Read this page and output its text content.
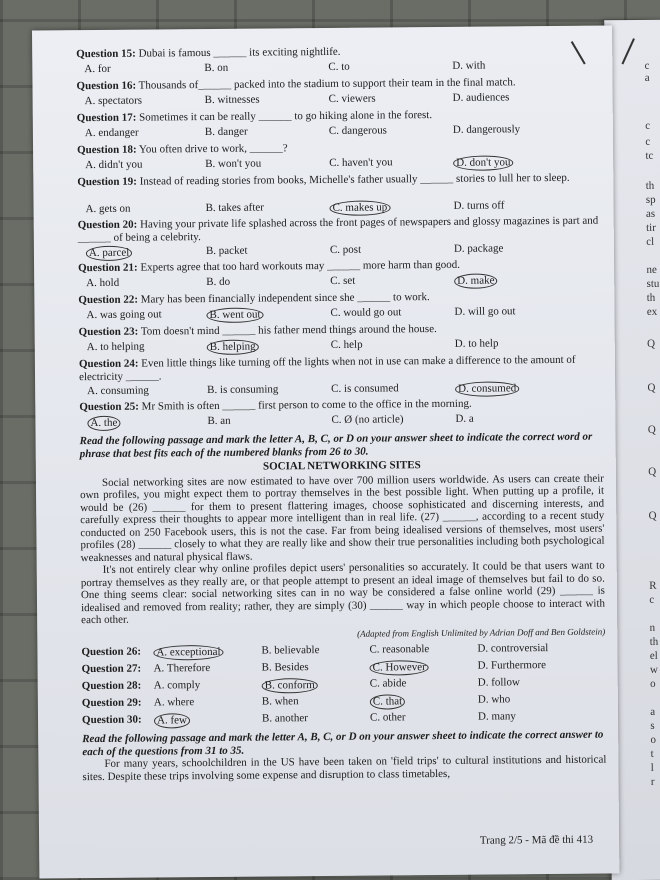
c
a
c
c
tc
th
sp
as
tir
cl
ne
stu
th
ex
Q
Q
Q
Q
Q
R
c
n
th
el
w
o
a
s
o
t
l
r
Question 15: Dubai is famous ______ its exciting nightlife.
A. for	B. on	C. to	D. with
Question 16: Thousands of______ packed into the stadium to support their team in the final match.
A. spectators	B. witnesses	C. viewers	D. audiences
Question 17: Sometimes it can be really ______ to go hiking alone in the forest.
A. endanger	B. danger	C. dangerous	D. dangerously
Question 18: You often drive to work, ______?
A. didn't you	B. won't you	C. haven't you	D. don't you
Question 19: Instead of reading stories from books, Michelle's father usually ______ stories to lull her to sleep.
A. gets on	B. takes after	C. makes up	D. turns off
Question 20: Having your private life splashed across the front pages of newspapers and glossy magazines is part and ______ of being a celebrity.
A. parcel	B. packet	C. post	D. package
Question 21: Experts agree that too hard workouts may ______ more harm than good.
A. hold	B. do	C. set	D. make
Question 22: Mary has been financially independent since she ______ to work.
A. was going out	B. went out	C. would go out	D. will go out
Question 23: Tom doesn't mind ______ his father mend things around the house.
A. to helping	B. helping	C. help	D. to help
Question 24: Even little things like turning off the lights when not in use can make a difference to the amount of electricity ______.
A. consuming	B. is consuming	C. is consumed	D. consumed
Question 25: Mr Smith is often ______ first person to come to the office in the morning.
A. the	B. an	C. Ø (no article)	D. a
Read the following passage and mark the letter A, B, C, or D on your answer sheet to indicate the correct word or phrase that best fits each of the numbered blanks from 26 to 30.
SOCIAL NETWORKING SITES
Social networking sites are now estimated to have over 700 million users worldwide. As users can create their own profiles, you might expect them to portray themselves in the best possible light. When putting up a profile, it would be (26) ______ for them to present flattering images, choose sophisticated and discerning interests, and carefully express their thoughts to appear more intelligent than in real life. (27) ______, according to a recent study conducted on 250 Facebook users, this is not the case. Far from being idealised versions of themselves, most users' profiles (28) ______ closely to what they are really like and show their true personalities including both psychological weaknesses and natural physical flaws.
It's not entirely clear why online profiles depict users' personalities so accurately. It could be that users want to portray themselves as they really are, or that people attempt to present an ideal image of themselves but fail to do so. One thing seems clear: social networking sites can in no way be considered a false online world (29) ______ is idealised and removed from reality; rather, they are simply (30) ______ way in which people choose to interact with each other.
(Adapted from English Unlimited by Adrian Doff and Ben Goldstein)
Question 26: A. exceptional	B. believable	C. reasonable	D. controversial
Question 27: A. Therefore	B. Besides	C. However	D. Furthermore
Question 28: A. comply	B. conform	C. abide	D. follow
Question 29: A. where	B. when	C. that	D. who
Question 30: A. few	B. another	C. other	D. many
Read the following passage and mark the letter A, B, C, or D on your answer sheet to indicate the correct answer to each of the questions from 31 to 35.
For many years, schoolchildren in the US have been taken on 'field trips' to cultural institutions and historical sites. Despite these trips involving some expense and disruption to class timetables,
Trang 2/5 - Mã đề thi 413
